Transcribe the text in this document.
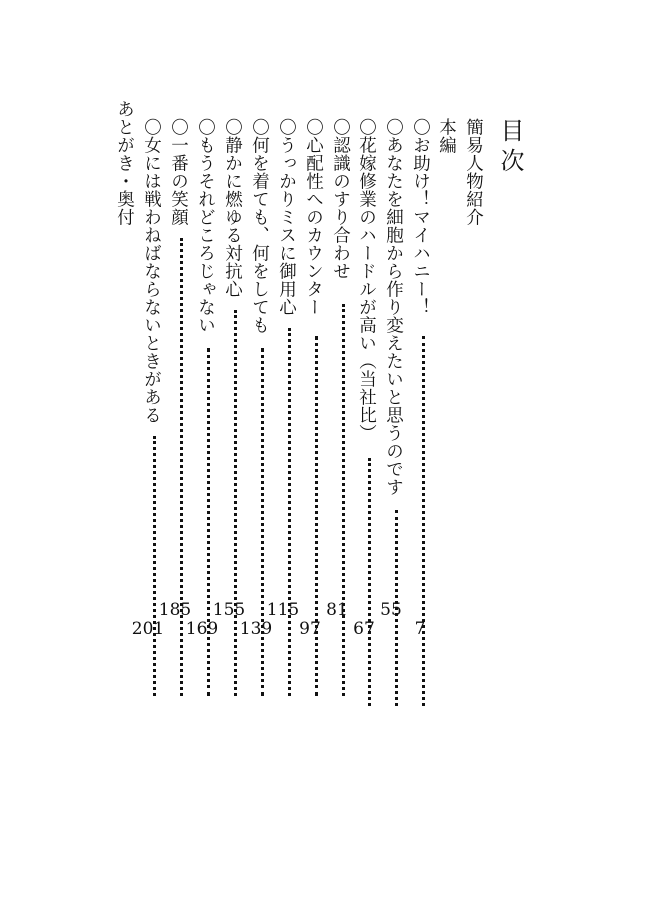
目次
簡易人物紹介
本編
〇お助け！マイハニー！
〇あなたを細胞から作り変えたいと思うのです
〇花嫁修業のハードルが高い（当社比）
〇認識のすり合わせ
〇心配性へのカウンター
〇うっかりミスに御用心
〇何を着ても、何をしても
〇静かに燃ゆる対抗心
〇もうそれどころじゃない
〇一番の笑顔
〇女には戦わねばならないときがある
あとがき・奥付
7
55
67
81
97
115
139
155
169
185
201
